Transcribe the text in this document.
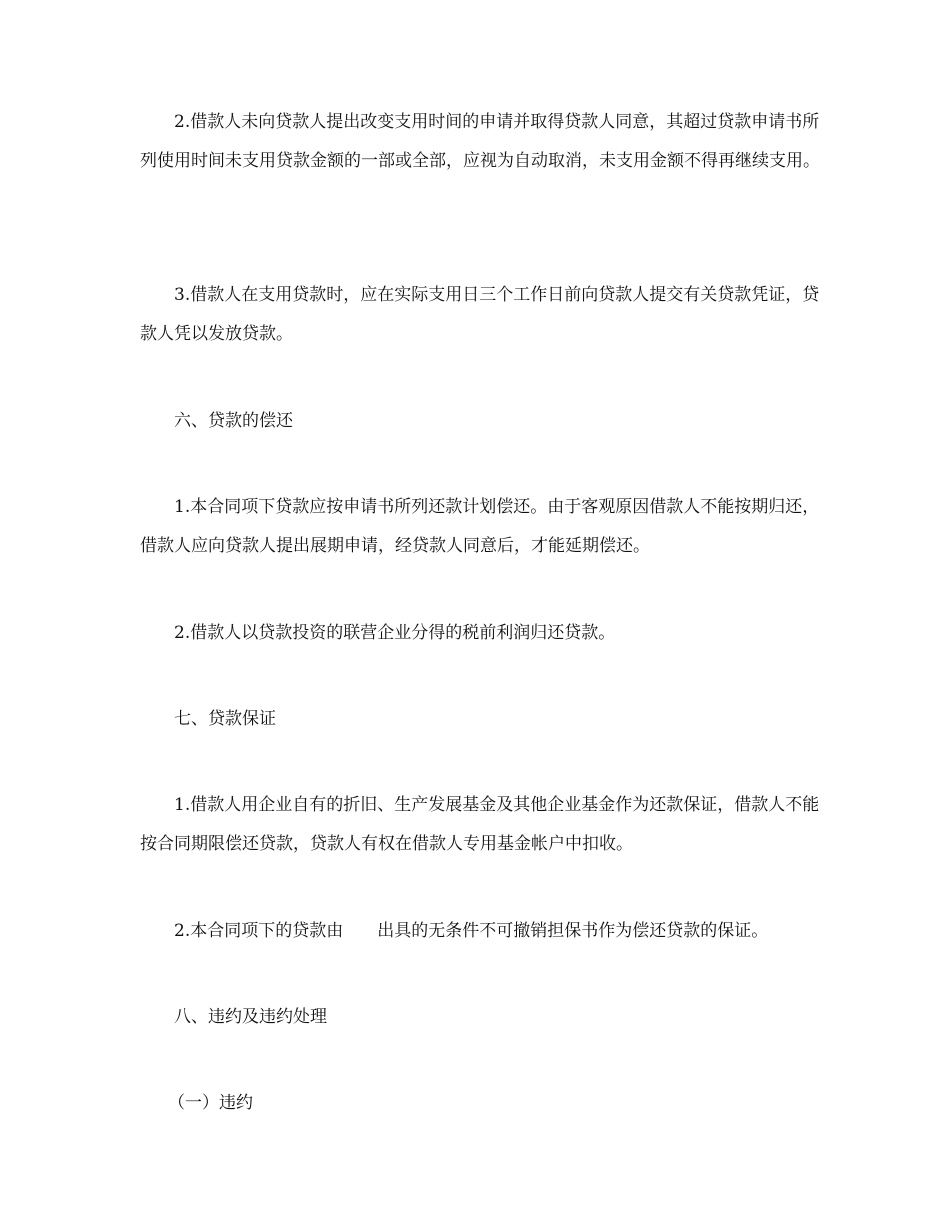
2.借款人未向贷款人提出改变支用时间的申请并取得贷款人同意，其超过贷款申请书所列使用时间未支用贷款金额的一部或全部，应视为自动取消，未支用金额不得再继续支用。

3.借款人在支用贷款时，应在实际支用日三个工作日前向贷款人提交有关贷款凭证，贷款人凭以发放贷款。

六、贷款的偿还

1.本合同项下贷款应按申请书所列还款计划偿还。由于客观原因借款人不能按期归还，借款人应向贷款人提出展期申请，经贷款人同意后，才能延期偿还。

2.借款人以贷款投资的联营企业分得的税前利润归还贷款。

七、贷款保证

1.借款人用企业自有的折旧、生产发展基金及其他企业基金作为还款保证，借款人不能按合同期限偿还贷款，贷款人有权在借款人专用基金帐户中扣收。

2.本合同项下的贷款由 出具的无条件不可撤销担保书作为偿还贷款的保证。

八、违约及违约处理

（一）违约
